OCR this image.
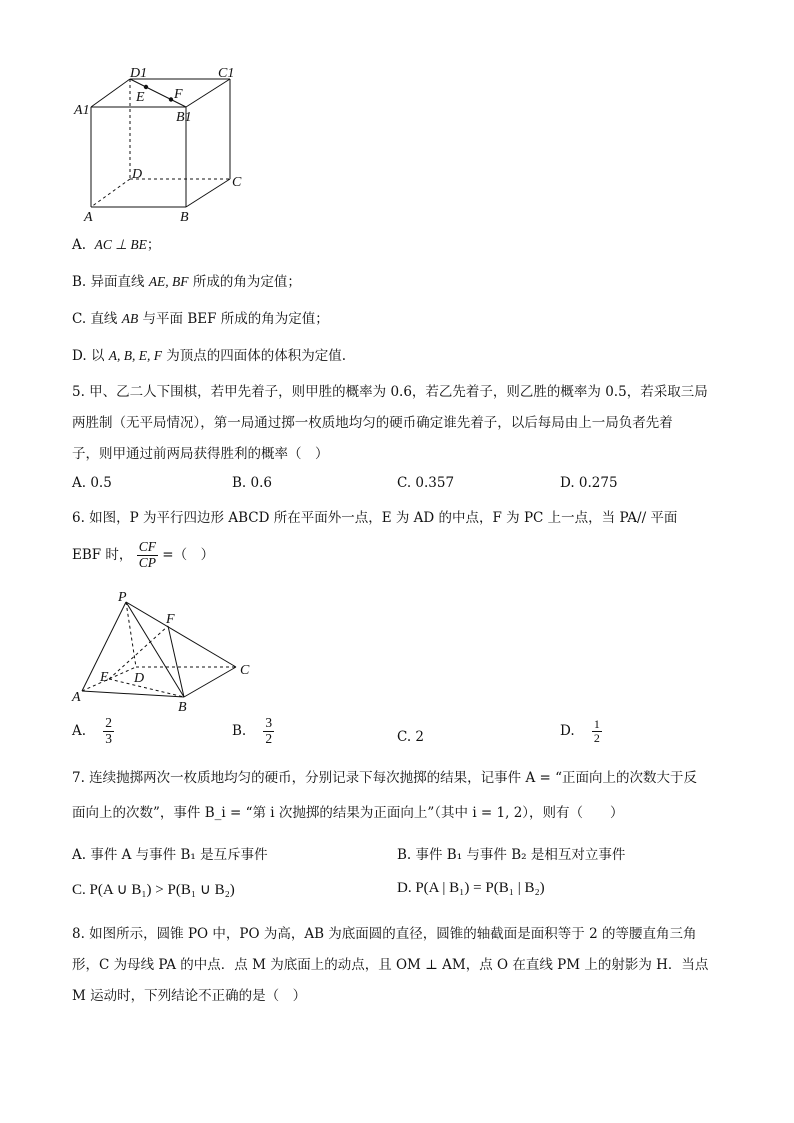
D1	C1
A1	B1
E F
D
C
A	B
A. AC ⊥ BE；
B. 异面直线 AE, BF 所成的角为定值；
C. 直线 AB 与平面 BEF 所成的角为定值；
D. 以 A, B, E, F 为顶点的四面体的体积为定值.
5. 甲、乙二人下围棋，若甲先着子，则甲胜的概率为 0.6，若乙先着子，则乙胜的概率为 0.5，若采取三局
两胜制（无平局情况），第一局通过掷一枚质地均匀的硬币确定谁先着子，以后每局由上一局负者先着
子，则甲通过前两局获得胜利的概率（　）
A. 0.5	B. 0.6	C. 0.357	D. 0.275
6. 如图，P 为平行四边形 ABCD 所在平面外一点，E 为 AD 的中点，F 为 PC 上一点，当 PA// 平面
EBF 时， $\frac{CF}{CP}$ =（　）
P
F
C
E D
A
B
A. $\frac{2}{3}$	B. $\frac{3}{2}$	C. 2	D. $\frac{1}{2}$
7. 连续抛掷两次一枚质地均匀的硬币，分别记录下每次抛掷的结果，记事件 A = “正面向上的次数大于反
面向上的次数”，事件 B_i = “第 i 次抛掷的结果为正面向上”（其中 i = 1, 2），则有（　　）
A. 事件 A 与事件 B₁ 是互斥事件	B. 事件 B₁ 与事件 B₂ 是相互对立事件
C. P(A ∪ B₁) > P(B₁ ∪ B₂)	D. P(A | B₁) = P(B₁ | B₂)
8. 如图所示，圆锥 PO 中，PO 为高，AB 为底面圆的直径，圆锥的轴截面是面积等于 2 的等腰直角三角
形，C 为母线 PA 的中点．点 M 为底面上的动点，且 OM ⊥ AM，点 O 在直线 PM 上的射影为 H．当点
M 运动时，下列结论不正确的是（　）
